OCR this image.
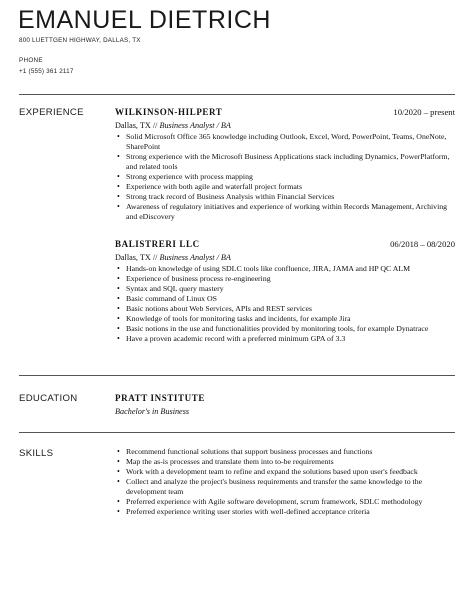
EMANUEL DIETRICH
800 LUETTGEN HIGHWAY, DALLAS, TX
PHONE
+1 (555) 361 2117
EXPERIENCE	WILKINSON-HILPERT	10/2020 – present
Dallas, TX // Business Analyst / BA
• Solid Microsoft Office 365 knowledge including Outlook, Excel, Word, PowerPoint, Teams, OneNote, SharePoint
• Strong experience with the Microsoft Business Applications stack including Dynamics, PowerPlatform, and related tools
• Strong experience with process mapping
• Experience with both agile and waterfall project formats
• Strong track record of Business Analysis within Financial Services
• Awareness of regulatory initiatives and experience of working within Records Management, Archiving and eDiscovery
BALISTRERI LLC	06/2018 – 08/2020
Dallas, TX // Business Analyst / BA
• Hands-on knowledge of using SDLC tools like confluence, JIRA, JAMA and HP QC ALM
• Experience of business process re-engineering
• Syntax and SQL query mastery
• Basic command of Linux OS
• Basic notions about Web Services, APIs and REST services
• Knowledge of tools for monitoring tasks and incidents, for example Jira
• Basic notions in the use and functionalities provided by monitoring tools, for example Dynatrace
• Have a proven academic record with a preferred minimum GPA of 3.3
EDUCATION	PRATT INSTITUTE
Bachelor's in Business
SKILLS
•	Recommend functional solutions that support business processes and functions
• Map the as-is processes and translate them into to-be requirements
• Work with a development team to refine and expand the solutions based upon user's feedback
• Collect and analyze the project's business requirements and transfer the same knowledge to the development team
• Preferred experience with Agile software development, scrum framework, SDLC methodology
• Preferred experience writing user stories with well-defined acceptance criteria
